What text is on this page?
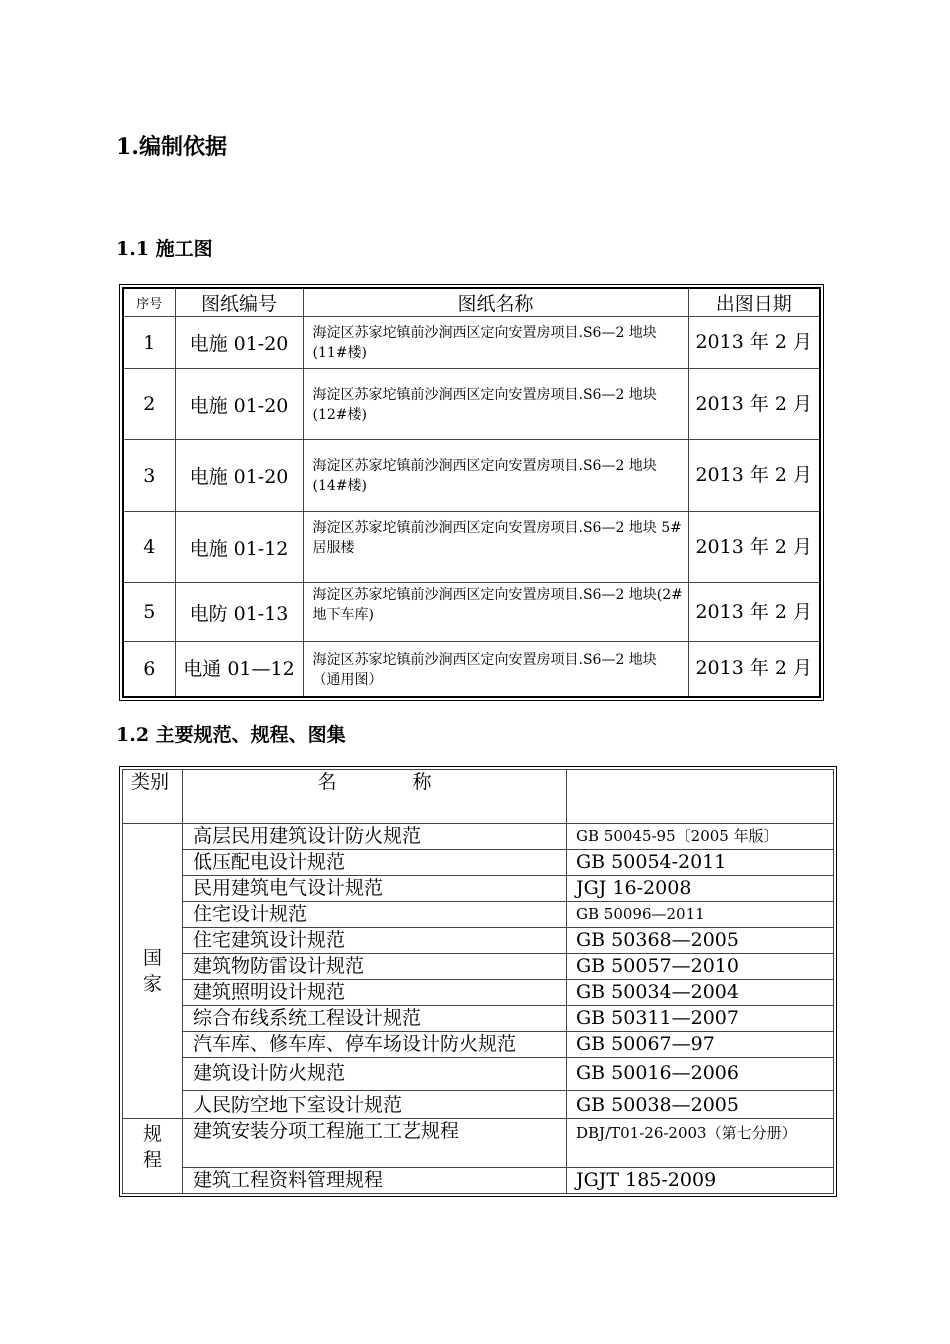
1.编制依据
1.1 施工图
序号	图纸编号	图纸名称	出图日期
1	电施 01-20	海淀区苏家坨镇前沙涧西区定向安置房项目.S6—2 地块(11#楼)	2013 年 2 月
2	电施 01-20	海淀区苏家坨镇前沙涧西区定向安置房项目.S6—2 地块(12#楼)	2013 年 2 月
3	电施 01-20	海淀区苏家坨镇前沙涧西区定向安置房项目.S6—2 地块(14#楼)	2013 年 2 月
4	电施 01-12	海淀区苏家坨镇前沙涧西区定向安置房项目.S6—2 地块 5#居服楼	2013 年 2 月
5	电防 01-13	海淀区苏家坨镇前沙涧西区定向安置房项目.S6—2 地块(2#地下车库)	2013 年 2 月
6	电通 01—12	海淀区苏家坨镇前沙涧西区定向安置房项目.S6—2 地块（通用图）	2013 年 2 月
1.2 主要规范、规程、图集
类别	名　　　　称	

国家	高层民用建筑设计防火规范	GB 50045-95〔2005 年版〕
	低压配电设计规范	GB 50054-2011
	民用建筑电气设计规范	JGJ 16-2008
	住宅设计规范	GB 50096—2011
	住宅建筑设计规范	GB 50368—2005
	建筑物防雷设计规范	GB 50057—2010
	建筑照明设计规范	GB 50034—2004
	综合布线系统工程设计规范	GB 50311—2007
	汽车库、修车库、停车场设计防火规范	GB 50067—97
	建筑设计防火规范	GB 50016—2006
	人民防空地下室设计规范	GB 50038—2005

规程	建筑安装分项工程施工工艺规程	DBJ/T01-26-2003（第七分册）
	建筑工程资料管理规程	JGJT 185-2009
